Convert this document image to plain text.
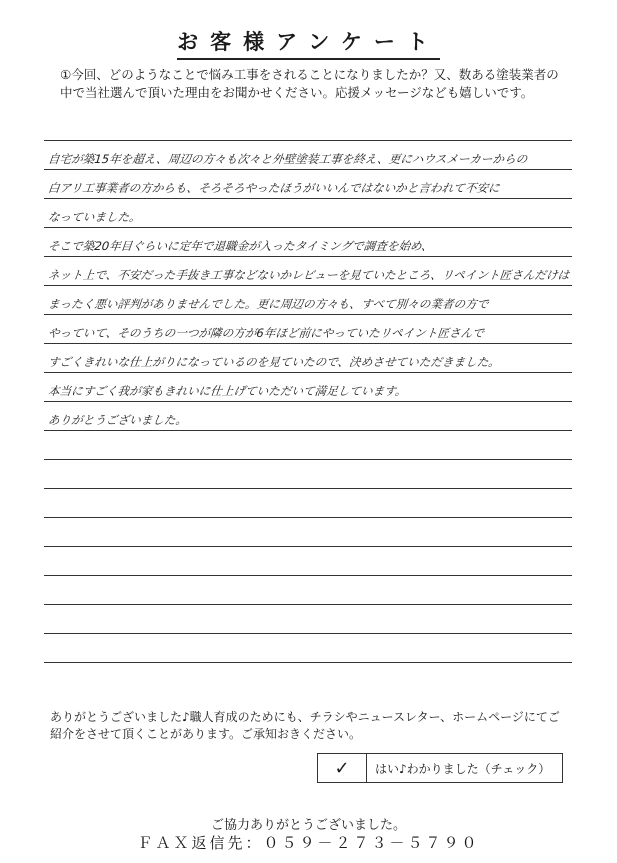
お客様アンケート
①今回、どのようなことで悩み工事をされることになりましたか？又、数ある塗装業者の中で当社選んで頂いた理由をお聞かせください。応援メッセージなども嬉しいです。
自宅が築15年を超え、周辺の方々も次々と外壁塗装工事を終え、更にハウスメーカーからの
白アリ工事業者の方からも、そろそろやったほうがいいんではないかと言われて不安に
なっていました。
そこで築20年目ぐらいに定年で退職金が入ったタイミングで調査を始め、
ネット上で、不安だった手抜き工事などないかレビューを見ていたところ、リペイント匠さんだけは
まったく悪い評判がありませんでした。更に周辺の方々も、すべて別々の業者の方で
やっていて、そのうちの一つが隣の方が6年ほど前にやっていたリペイント匠さんで
すごくきれいな仕上がりになっているのを見ていたので、決めさせていただきました。
本当にすごく我が家もきれいに仕上げていただいて満足しています。
ありがとうございました。
ありがとうございました♪職人育成のためにも、チラシやニュースレター、ホームページにてご紹介をさせて頂くことがあります。ご承知おきください。
✓	はい♪わかりました（チェック）
ご協力ありがとうございました。
ＦＡＸ返信先：０５９－２７３－５７９０
